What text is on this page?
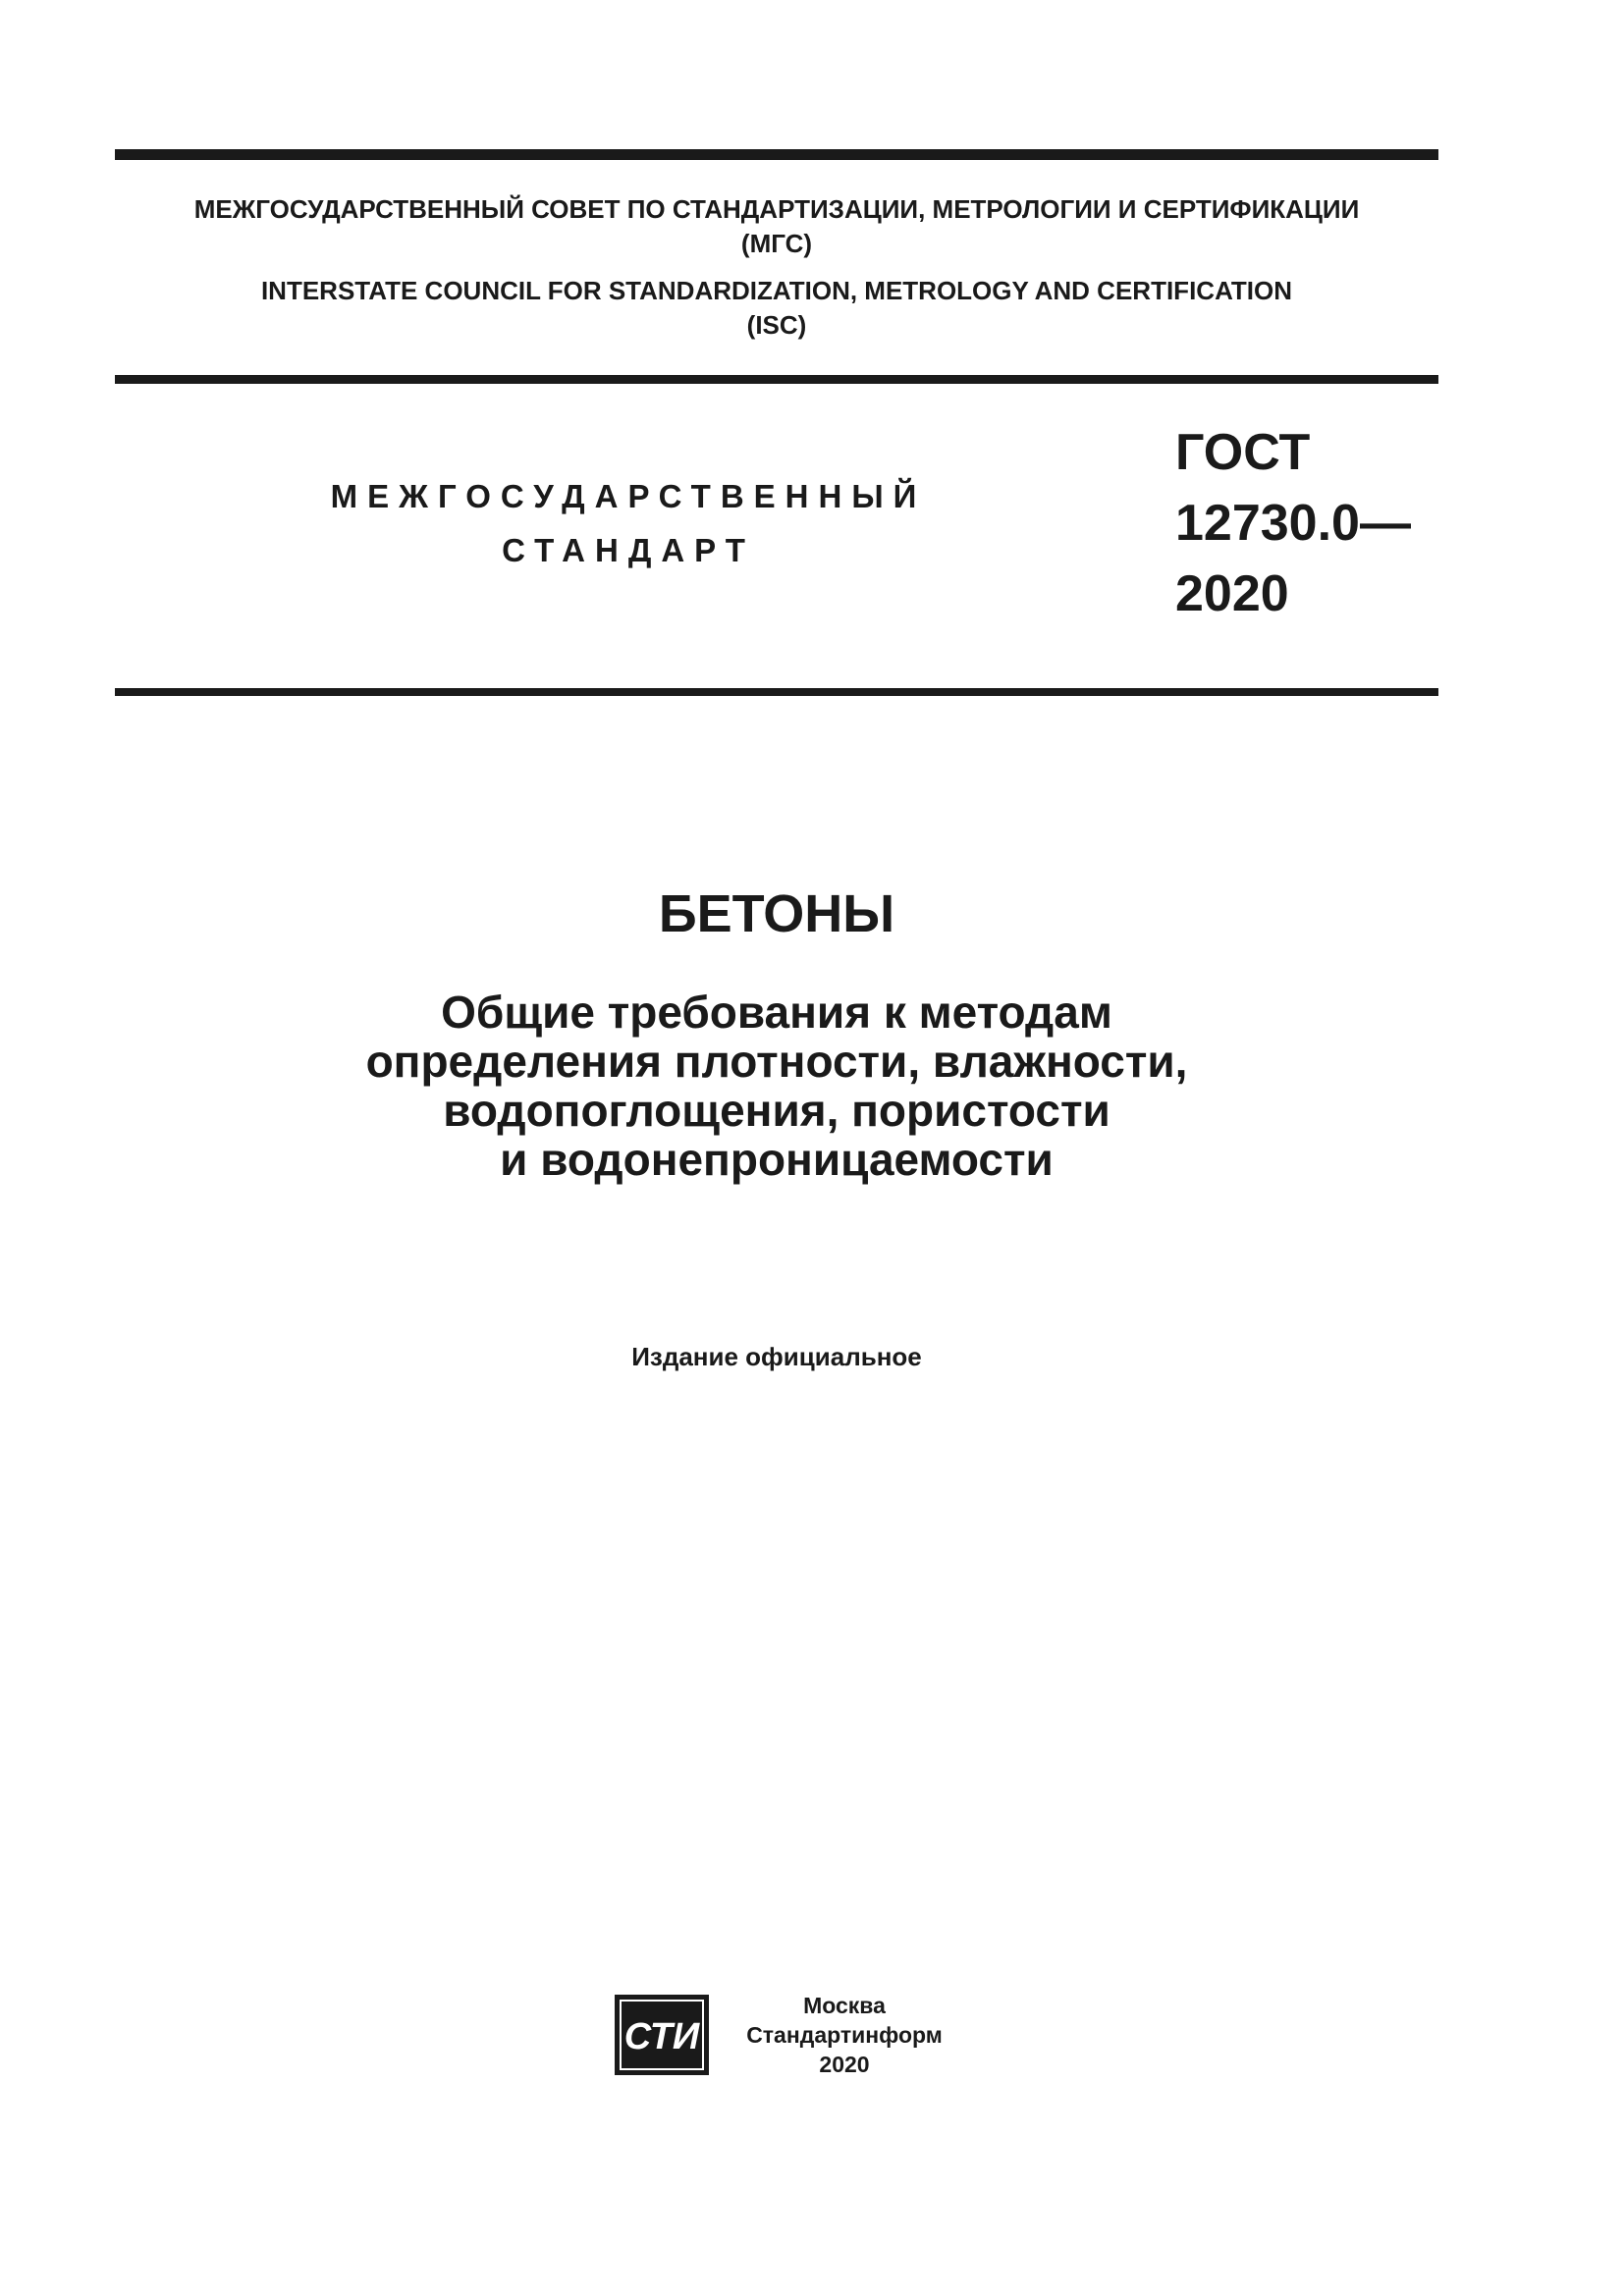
МЕЖГОСУДАРСТВЕННЫЙ СОВЕТ ПО СТАНДАРТИЗАЦИИ, МЕТРОЛОГИИ И СЕРТИФИКАЦИИ
(МГС)
INTERSTATE COUNCIL FOR STANDARDIZATION, METROLOGY AND CERTIFICATION
(ISC)
МЕЖГОСУДАРСТВЕННЫЙ
СТАНДАРТ
ГОСТ
12730.0—
2020
БЕТОНЫ
Общие требования к методам
определения плотности, влажности,
водопоглощения, пористости
и водонепроницаемости
Издание официальное
СТИ
Москва
Стандартинформ
2020
